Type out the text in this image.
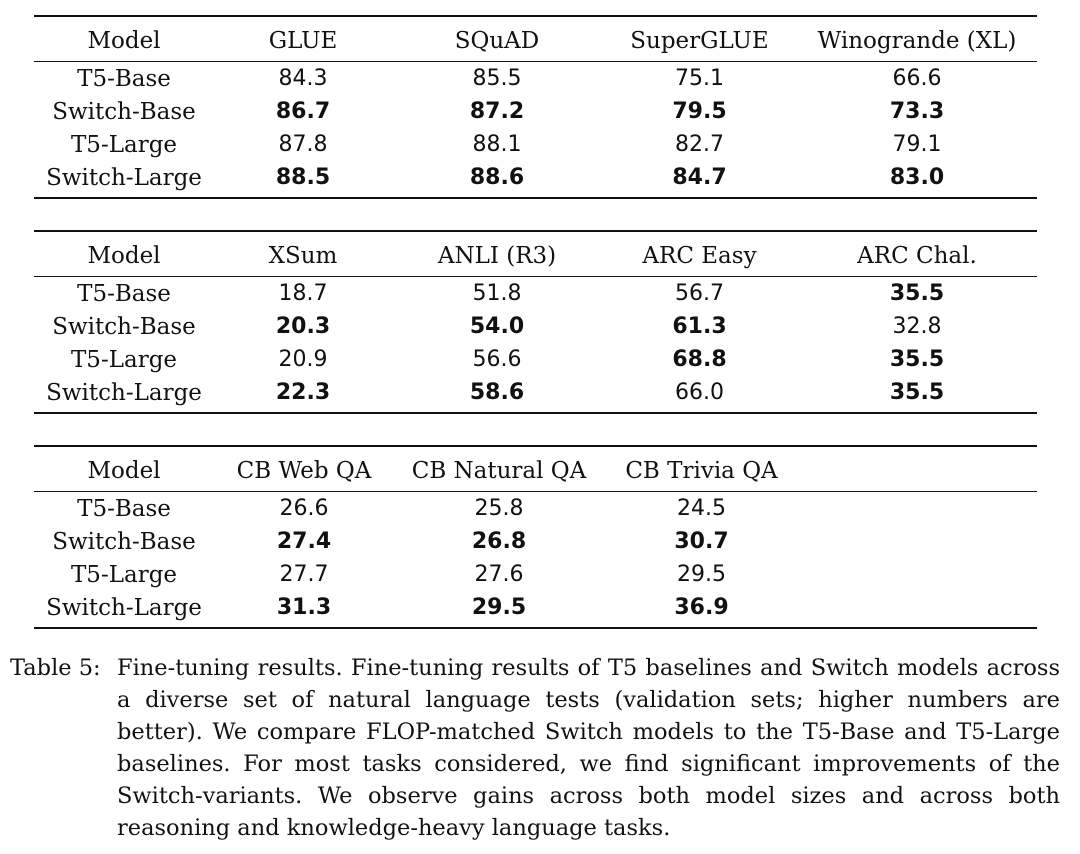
Model	GLUE	SQuAD	SuperGLUE	Winogrande (XL)
T5-Base	84.3	85.5	75.1	66.6
Switch-Base	86.7	87.2	79.5	73.3
T5-Large	87.8	88.1	82.7	79.1
Switch-Large	88.5	88.6	84.7	83.0
Model	XSum	ANLI (R3)	ARC Easy	ARC Chal.
T5-Base	18.7	51.8	56.7	35.5
Switch-Base	20.3	54.0	61.3	32.8
T5-Large	20.9	56.6	68.8	35.5
Switch-Large	22.3	58.6	66.0	35.5
Model	CB Web QA	CB Natural QA	CB Trivia QA
T5-Base	26.6	25.8	24.5
Switch-Base	27.4	26.8	30.7
T5-Large	27.7	27.6	29.5
Switch-Large	31.3	29.5	36.9
Table 5: Fine-tuning results. Fine-tuning results of T5 baselines and Switch models across a diverse set of natural language tests (validation sets; higher numbers are better). We compare FLOP-matched Switch models to the T5-Base and T5-Large baselines. For most tasks considered, we find significant improvements of the Switch-variants. We observe gains across both model sizes and across both reasoning and knowledge-heavy language tasks.
